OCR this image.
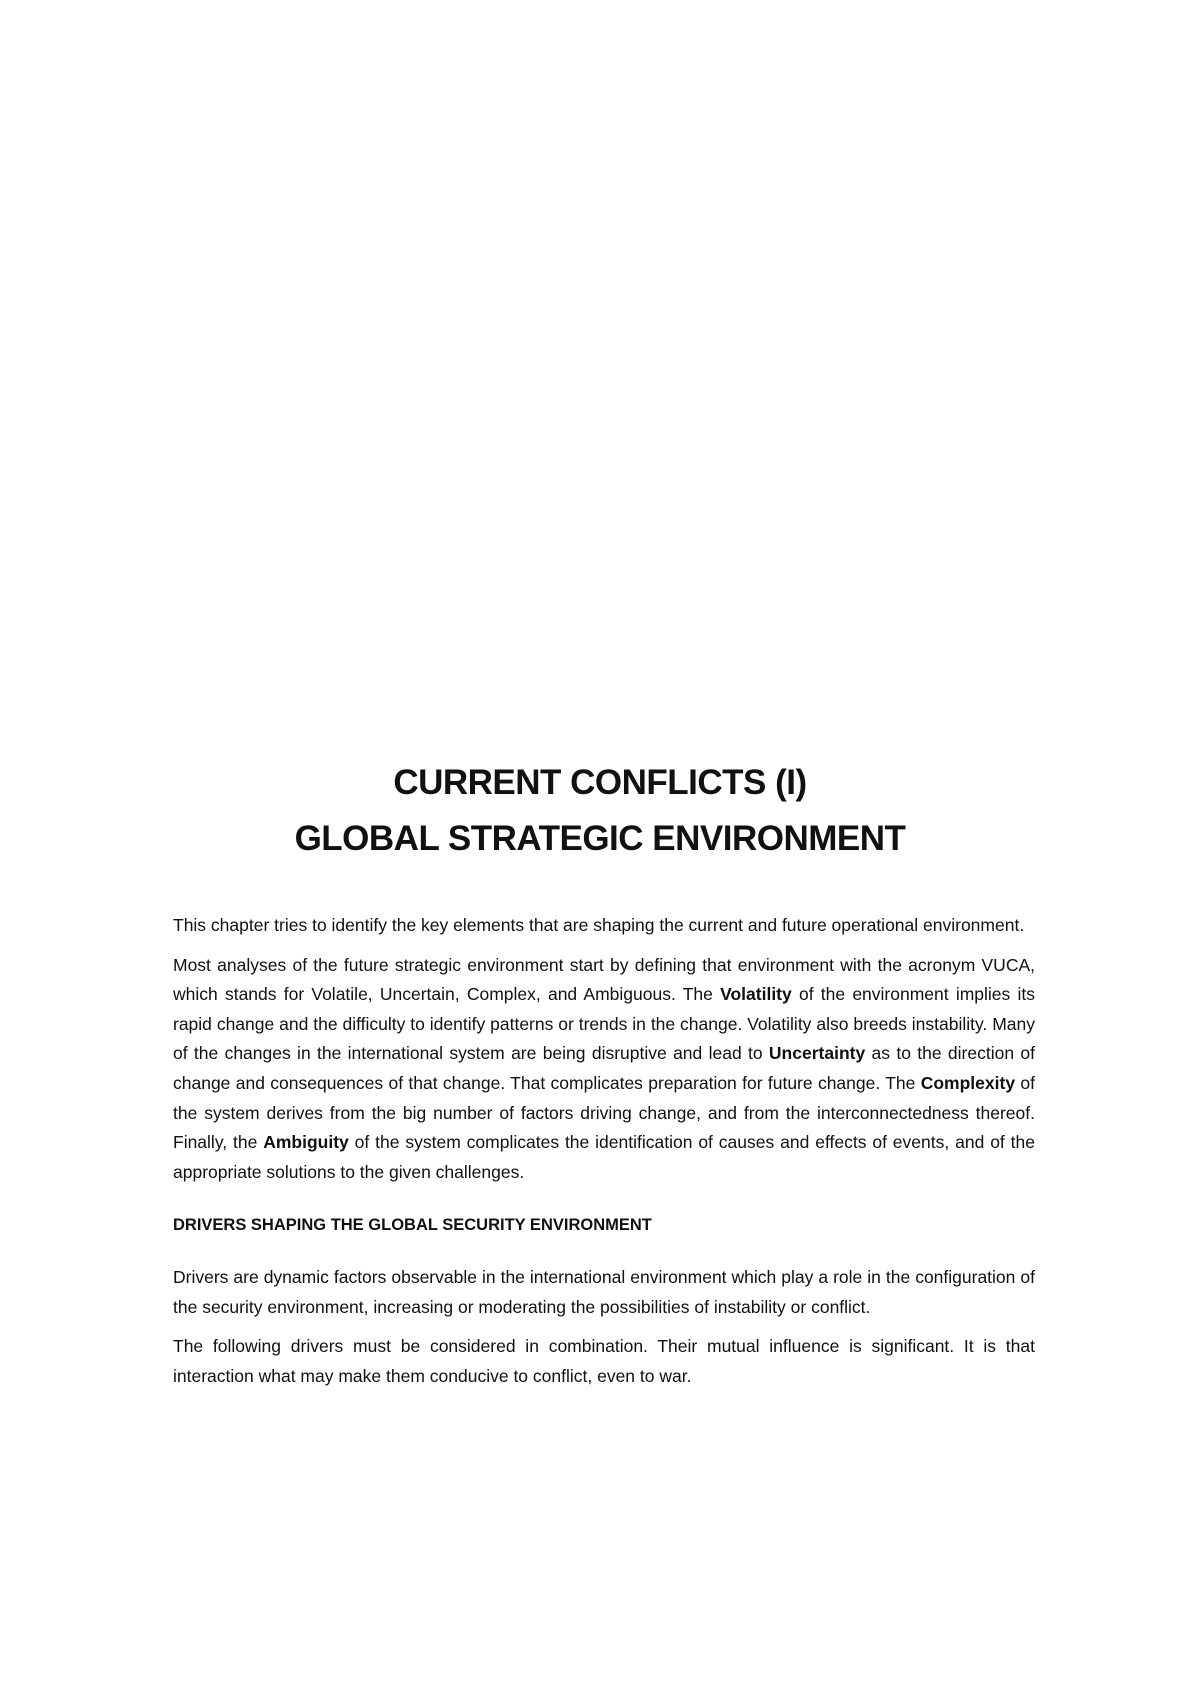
CURRENT CONFLICTS (I)
GLOBAL STRATEGIC ENVIRONMENT

This chapter tries to identify the key elements that are shaping the current and future operational environment.

Most analyses of the future strategic environment start by defining that environment with the acronym VUCA, which stands for Volatile, Uncertain, Complex, and Ambiguous. The Volatility of the environment implies its rapid change and the difficulty to identify patterns or trends in the change. Volatility also breeds instability. Many of the changes in the international system are being disruptive and lead to Uncertainty as to the direction of change and consequences of that change. That complicates preparation for future change. The Complexity of the system derives from the big number of factors driving change, and from the interconnectedness thereof. Finally, the Ambiguity of the system complicates the identification of causes and effects of events, and of the appropriate solutions to the given challenges.

DRIVERS SHAPING THE GLOBAL SECURITY ENVIRONMENT

Drivers are dynamic factors observable in the international environment which play a role in the configuration of the security environment, increasing or moderating the possibilities of instability or conflict.

The following drivers must be considered in combination. Their mutual influence is significant. It is that interaction what may make them conducive to conflict, even to war.
